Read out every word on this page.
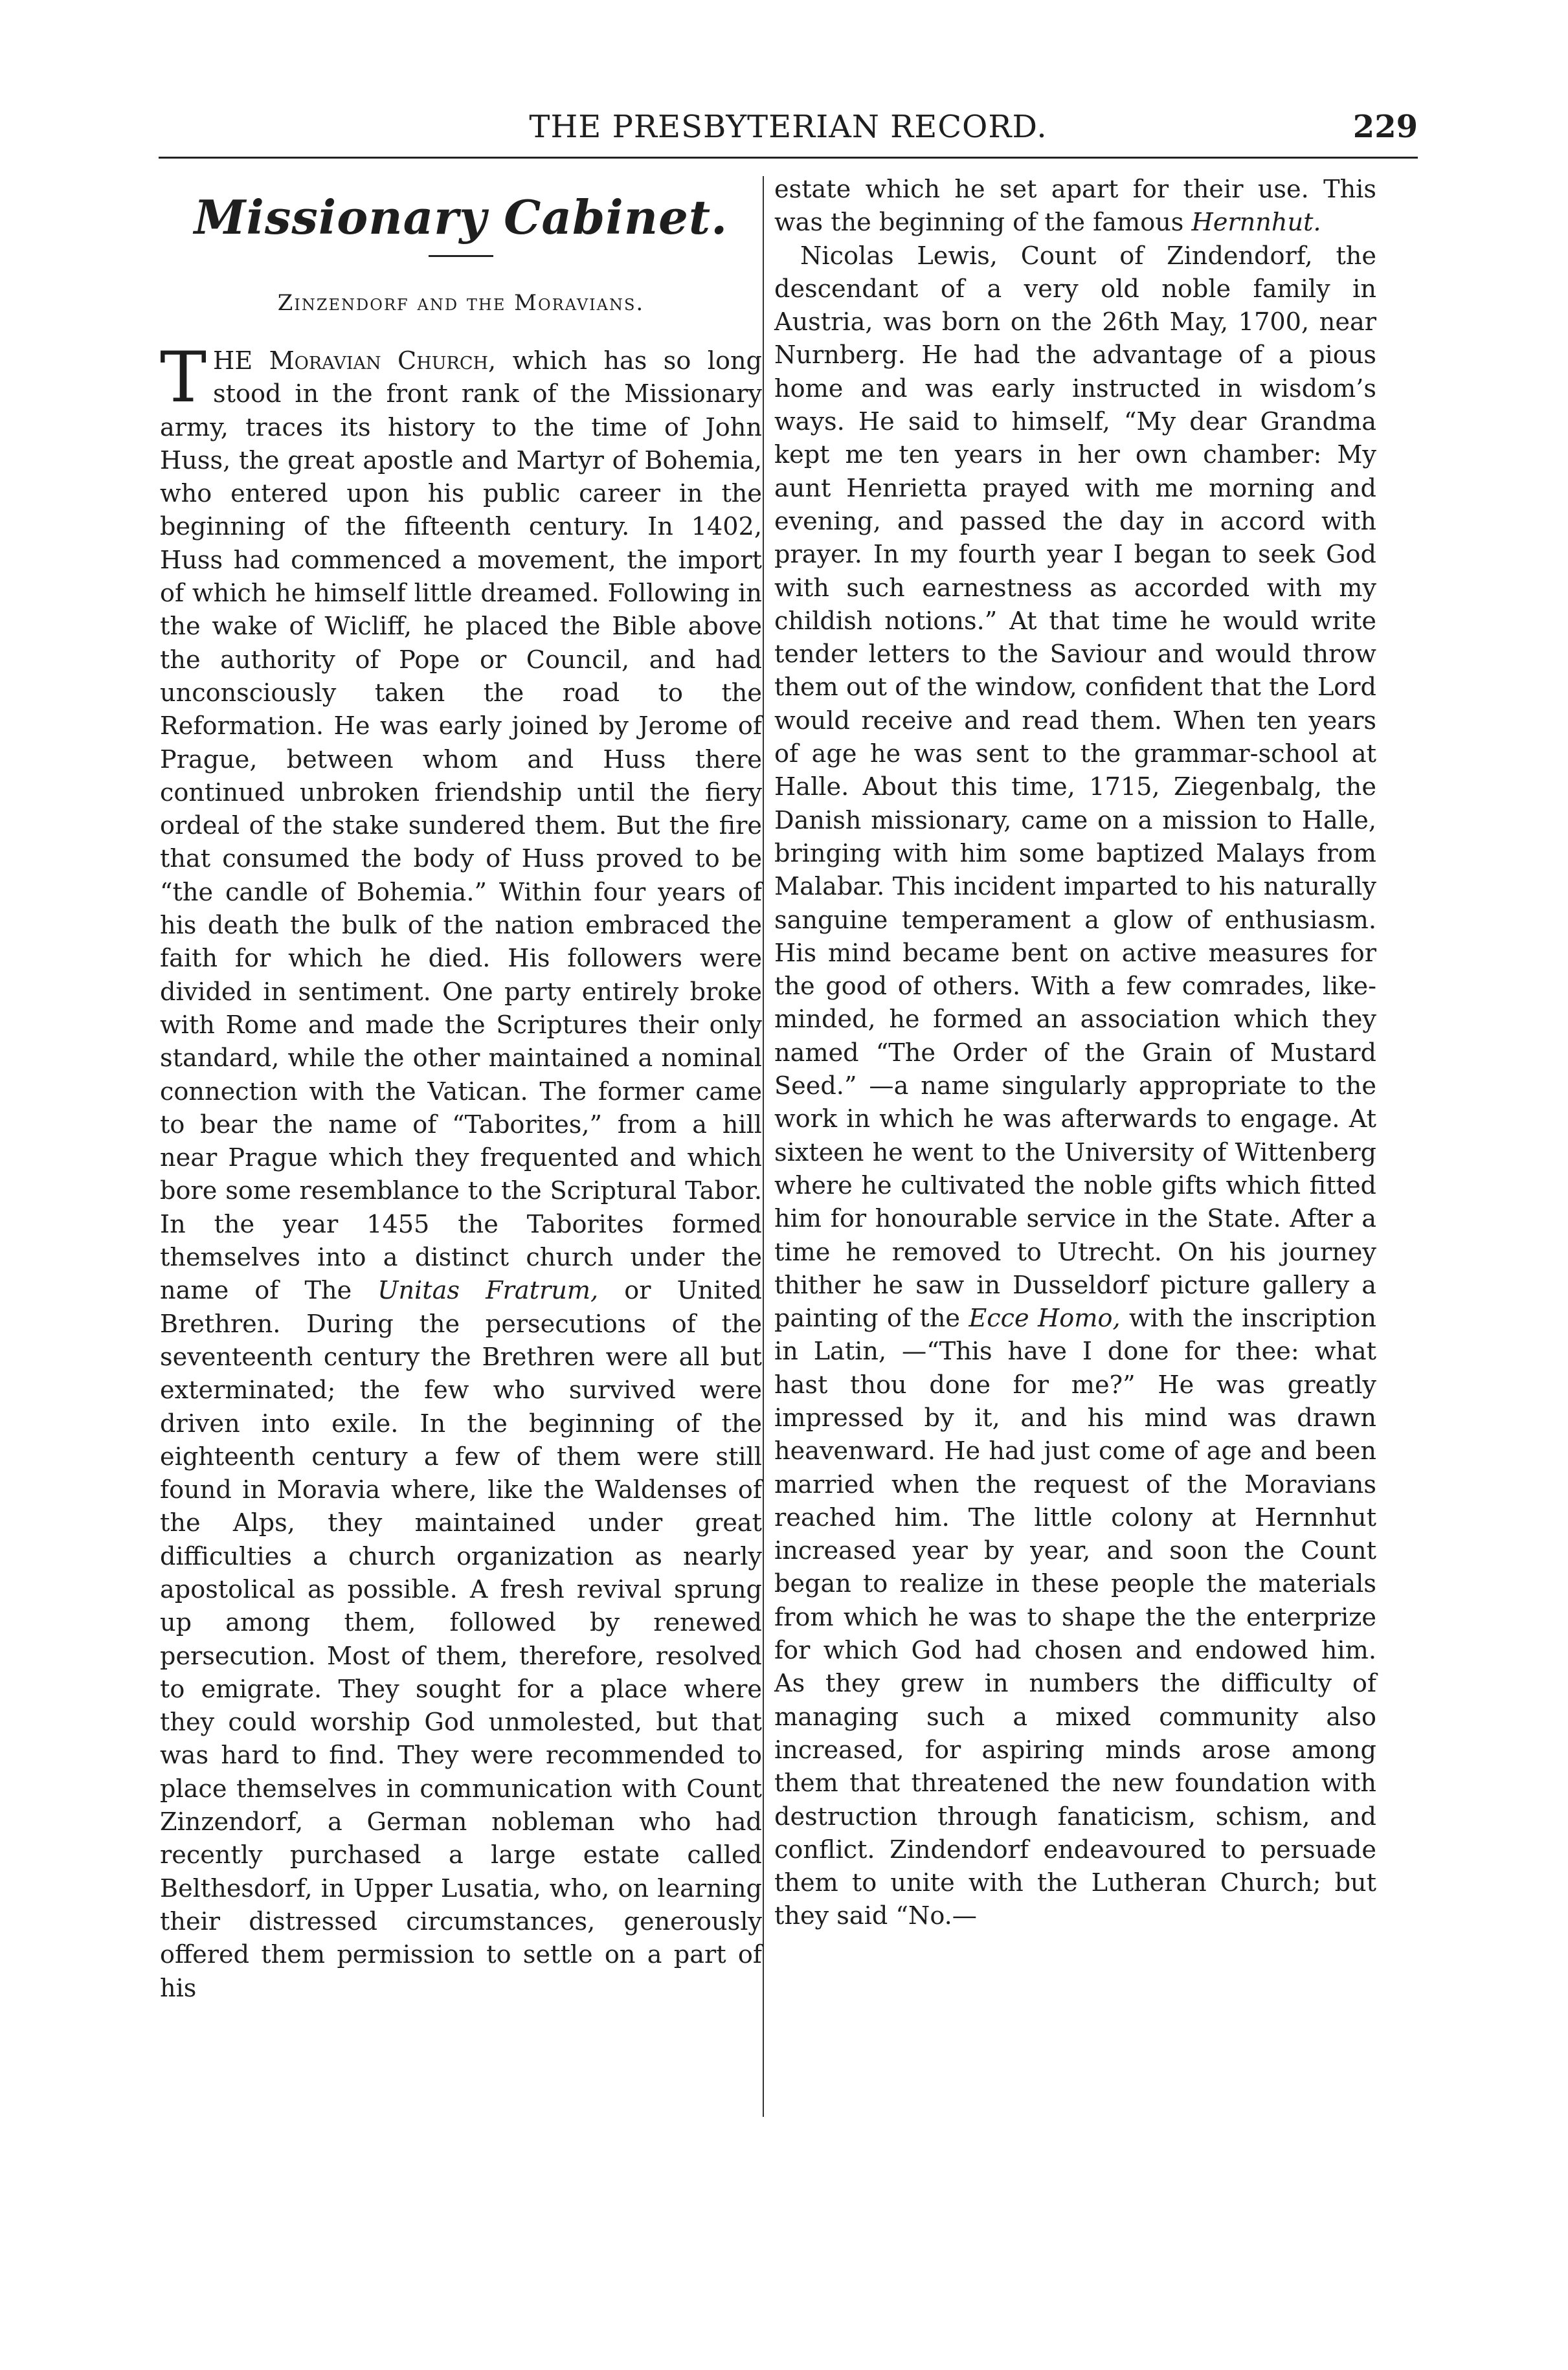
THE PRESBYTERIAN RECORD.	229
Missionary Cabinet.
Zinzendorf and the Moravians.

THE Moravian Church, which has so long stood in the front rank of the Missionary army, traces its history to the time of John Huss, the great apostle and Martyr of Bohemia, who entered upon his public career in the beginning of the fifteenth century. In 1402, Huss had commenced a movement, the import of which he himself little dreamed. Following in the wake of Wicliff, he placed the Bible above the authority of Pope or Council, and had unconsciously taken the road to the Reformation. He was early joined by Jerome of Prague, between whom and Huss there continued unbroken friendship until the fiery ordeal of the stake sundered them. But the fire that consumed the body of Huss proved to be “the candle of Bohemia.” Within four years of his death the bulk of the nation embraced the faith for which he died. His followers were divided in sentiment. One party entirely broke with Rome and made the Scriptures their only standard, while the other maintained a nominal connection with the Vatican. The former came to bear the name of “Taborites,” from a hill near Prague which they frequented and which bore some resemblance to the Scriptural Tabor. In the year 1455 the Taborites formed themselves into a distinct church under the name of The Unitas Fratrum, or United Brethren. During the persecutions of the seventeenth century the Brethren were all but exterminated; the few who survived were driven into exile. In the beginning of the eighteenth century a few of them were still found in Moravia where, like the Waldenses of the Alps, they maintained under great difficulties a church organization as nearly apostolical as possible. A fresh revival sprung up among them, followed by renewed persecution. Most of them, therefore, resolved to emigrate. They sought for a place where they could worship God unmolested, but that was hard to find. They were recommended to place themselves in communication with Count Zinzendorf, a German nobleman who had recently purchased a large estate called Belthesdorf, in Upper Lusatia, who, on learning their distressed circumstances, generously offered them permission to settle on a part of his

estate which he set apart for their use. This was the beginning of the famous Hernnhut.

Nicolas Lewis, Count of Zindendorf, the descendant of a very old noble family in Austria, was born on the 26th May, 1700, near Nurnberg. He had the advantage of a pious home and was early instructed in wisdom’s ways. He said to himself, “My dear Grandma kept me ten years in her own chamber: My aunt Henrietta prayed with me morning and evening, and passed the day in accord with prayer. In my fourth year I began to seek God with such earnestness as accorded with my childish notions.” At that time he would write tender letters to the Saviour and would throw them out of the window, confident that the Lord would receive and read them. When ten years of age he was sent to the grammar-school at Halle. About this time, 1715, Ziegenbalg, the Danish missionary, came on a mission to Halle, bringing with him some baptized Malays from Malabar. This incident imparted to his naturally sanguine temperament a glow of enthusiasm. His mind became bent on active measures for the good of others. With a few comrades, like-minded, he formed an association which they named “The Order of the Grain of Mustard Seed.” —a name singularly appropriate to the work in which he was afterwards to engage. At sixteen he went to the University of Wittenberg where he cultivated the noble gifts which fitted him for honourable service in the State. After a time he removed to Utrecht. On his journey thither he saw in Dusseldorf picture gallery a painting of the Ecce Homo, with the inscription in Latin, —“This have I done for thee: what hast thou done for me?” He was greatly impressed by it, and his mind was drawn heavenward. He had just come of age and been married when the request of the Moravians reached him. The little colony at Hernnhut increased year by year, and soon the Count began to realize in these people the materials from which he was to shape the the enterprize for which God had chosen and endowed him. As they grew in numbers the difficulty of managing such a mixed community also increased, for aspiring minds arose among them that threatened the new foundation with destruction through fanaticism, schism, and conflict. Zindendorf endeavoured to persuade them to unite with the Lutheran Church; but they said “No.—
